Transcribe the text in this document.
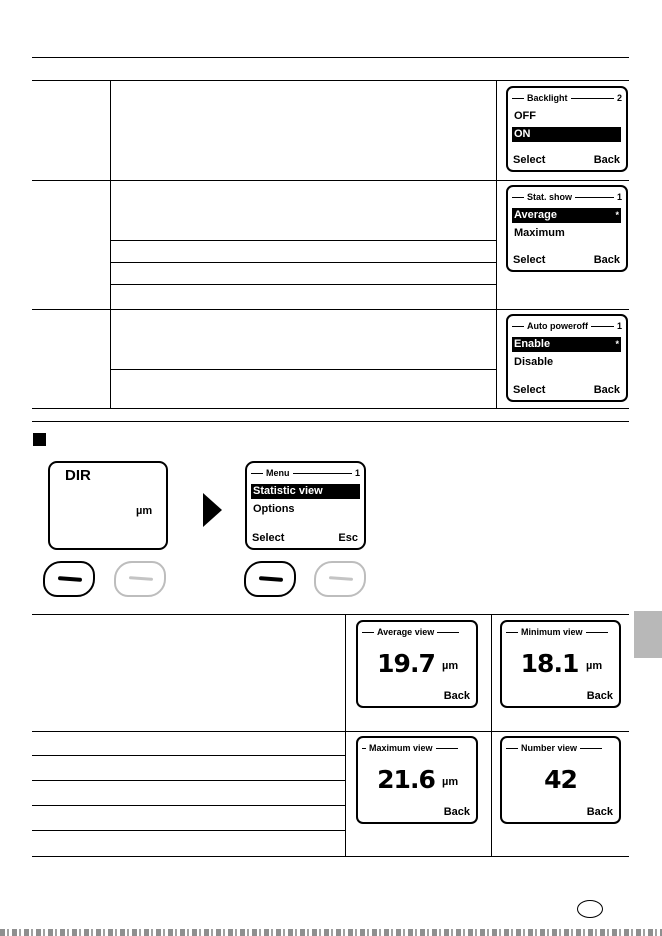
Backlight	2
OFF
ON
Select	Back
Stat. show	1
Average	*
Maximum
Select	Back
Auto poweroff	1
Enable	*
Disable
Select	Back
DIR
µm
Menu	1
Statistic view
Options
Select	Esc
Average view
19.7 µm
Back
Minimum view
18.1 µm
Back
Maximum view
21.6 µm
Back
Number view
42
Back
